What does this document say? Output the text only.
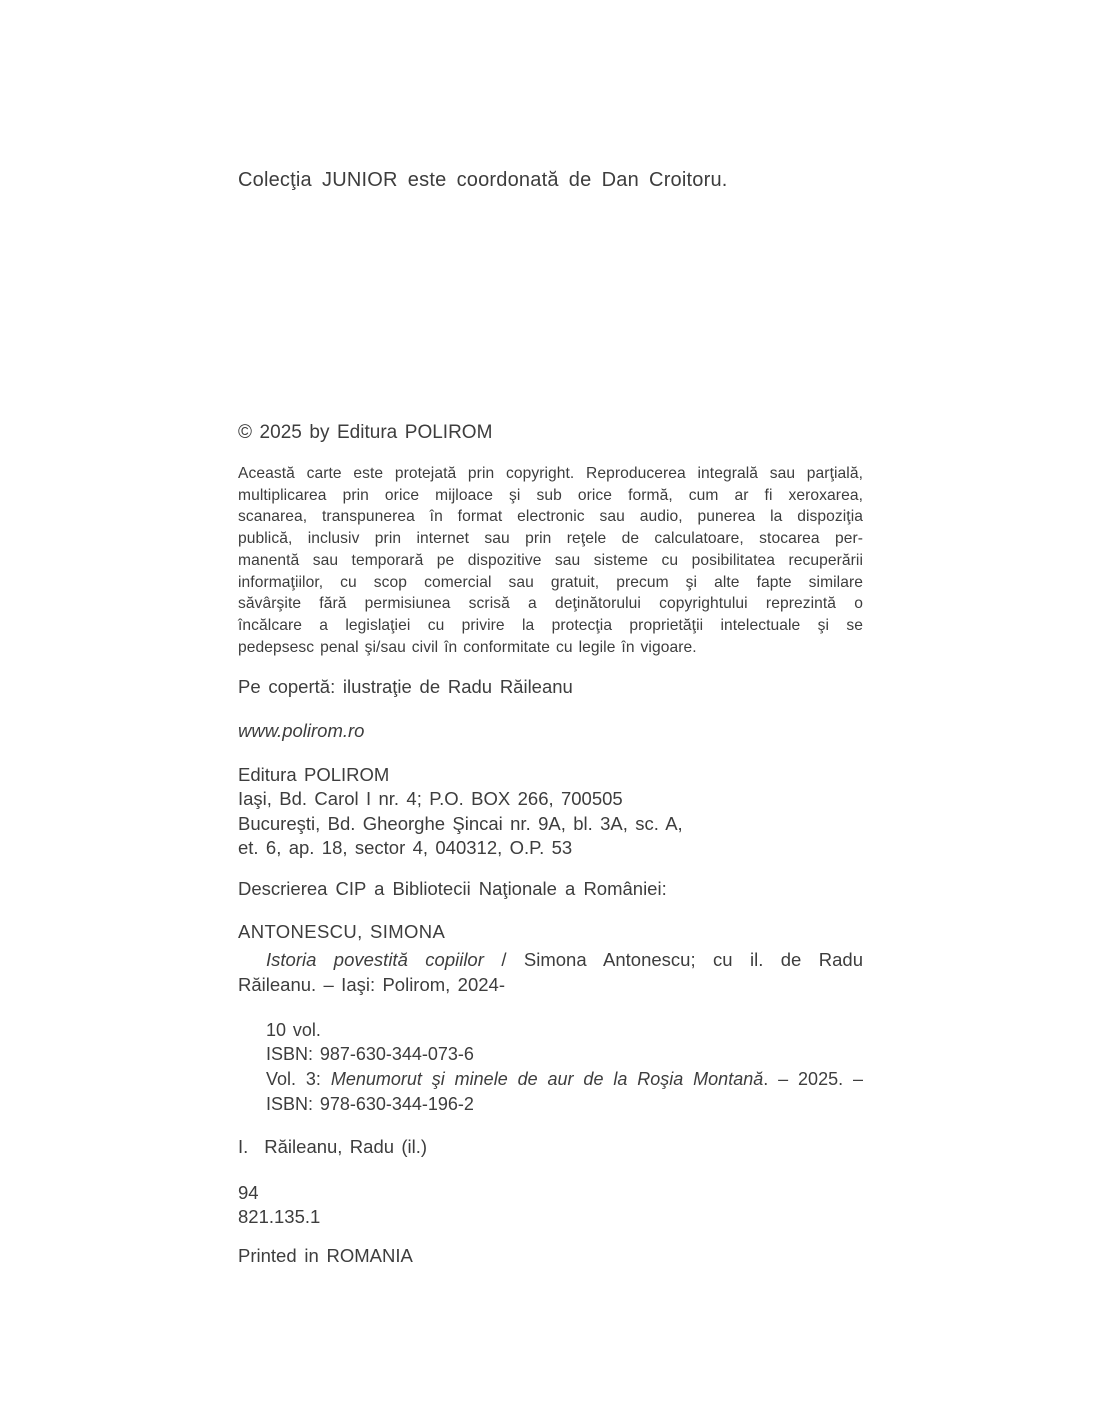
Colecţia JUNIOR este coordonată de Dan Croitoru.
© 2025 by Editura POLIROM
Această carte este protejată prin copyright. Reproducerea integrală sau parţială,
multiplicarea prin orice mijloace şi sub orice formă, cum ar fi xeroxarea,
scanarea, transpunerea în format electronic sau audio, punerea la dispoziţia
publică, inclusiv prin internet sau prin reţele de calculatoare, stocarea per-
manentă sau temporară pe dispozitive sau sisteme cu posibilitatea recuperării
informaţiilor, cu scop comercial sau gratuit, precum şi alte fapte similare
săvârşite fără permisiunea scrisă a deţinătorului copyrightului reprezintă o
încălcare a legislaţiei cu privire la protecţia proprietăţii intelectuale şi se
pedepsesc penal şi/sau civil în conformitate cu legile în vigoare.
Pe copertă: ilustraţie de Radu Răileanu
www.polirom.ro
Editura POLIROM
Iaşi, Bd. Carol I nr. 4; P.O. BOX 266, 700505
Bucureşti, Bd. Gheorghe Şincai nr. 9A, bl. 3A, sc. A,
et. 6, ap. 18, sector 4, 040312, O.P. 53
Descrierea CIP a Bibliotecii Naţionale a României:
ANTONESCU, SIMONA
Istoria povestită copiilor / Simona Antonescu; cu il. de Radu
Răileanu. – Iaşi: Polirom, 2024-
10 vol.
ISBN: 987-630-344-073-6
Vol. 3: Menumorut şi minele de aur de la Roşia Montană. – 2025. –
ISBN: 978-630-344-196-2
I. Răileanu, Radu (il.)
94
821.135.1
Printed in ROMANIA
